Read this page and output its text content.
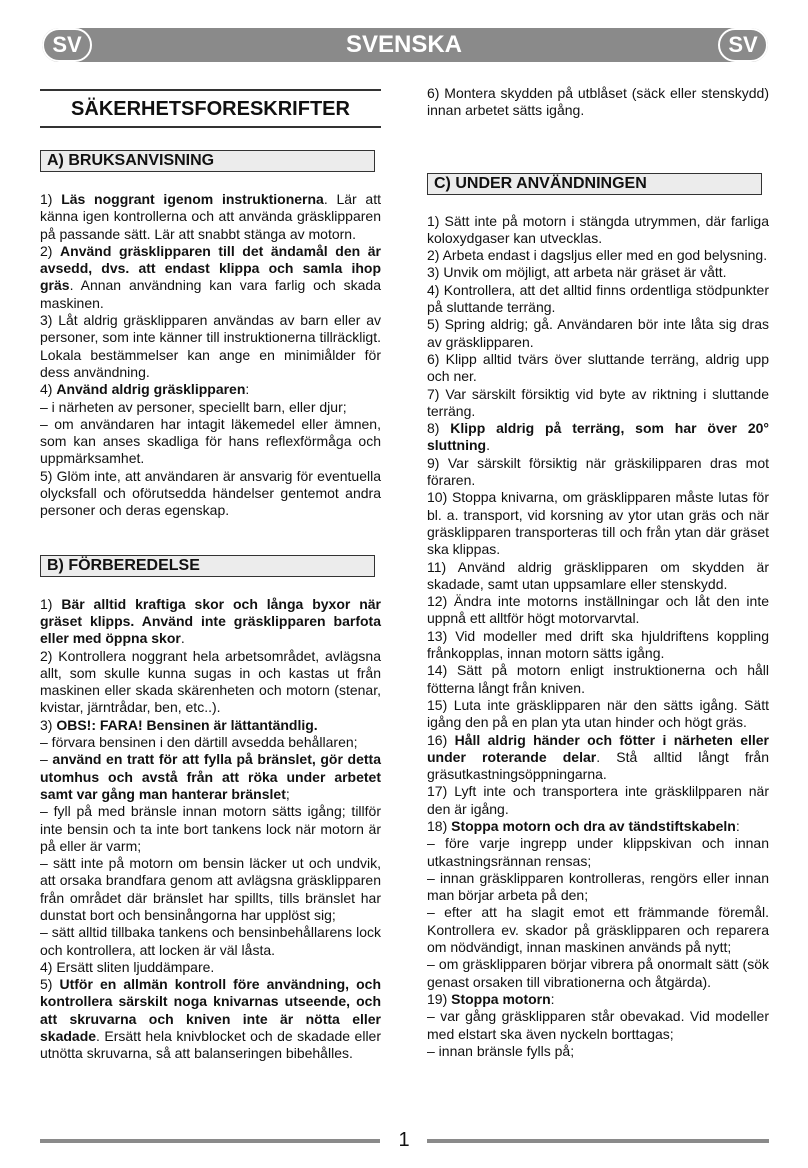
SV	SVENSKA	SV
SÄKERHETSFORESKRIFTER
A) BRUKSANVISNING

1) Läs noggrant igenom instruktionerna. Lär att känna igen kontrollerna och att använda gräsklipparen på passande sätt. Lär att snabbt stänga av motorn.

2) Använd gräsklipparen till det ändamål den är avsedd, dvs. att endast klippa och samla ihop gräs. Annan användning kan vara farlig och skada maskinen.

3) Låt aldrig gräsklipparen användas av barn eller av personer, som inte känner till instruktionerna tillräckligt. Lokala bestämmelser kan ange en minimiålder för dess användning.

4) Använd aldrig gräsklipparen:

– i närheten av personer, speciellt barn, eller djur;

– om användaren har intagit läkemedel eller ämnen, som kan anses skadliga för hans reflexförmåga och uppmärksamhet.

5) Glöm inte, att användaren är ansvarig för eventuella olycksfall och oförutsedda händelser gentemot andra personer och deras egenskap.

B) FÖRBEREDELSE

1) Bär alltid kraftiga skor och långa byxor när gräset klipps. Använd inte gräsklipparen barfota eller med öppna skor.

2) Kontrollera noggrant hela arbetsområdet, avlägsna allt, som skulle kunna sugas in och kastas ut från maskinen eller skada skärenheten och motorn (stenar, kvistar, järntrådar, ben, etc..).

3) OBS!: FARA! Bensinen är lättantändlig.

– förvara bensinen i den därtill avsedda behållaren;

– använd en tratt för att fylla på bränslet, gör detta utomhus och avstå från att röka under arbetet samt var gång man hanterar bränslet;

– fyll på med bränsle innan motorn sätts igång; tillför inte bensin och ta inte bort tankens lock när motorn är på eller är varm;

– sätt inte på motorn om bensin läcker ut och undvik, att orsaka brandfara genom att avlägsna gräsklipparen från området där bränslet har spillts, tills bränslet har dunstat bort och bensinångorna har upplöst sig;

– sätt alltid tillbaka tankens och bensinbehållarens lock och kontrollera, att locken är väl låsta.

4) Ersätt sliten ljuddämpare.

5) Utför en allmän kontroll före användning, och kontrollera särskilt noga knivarnas utseende, och att skruvarna och kniven inte är nötta eller skadade. Ersätt hela knivblocket och de skadade eller utnötta skruvarna, så att balanseringen bibehålles.

6) Montera skydden på utblåset (säck eller stenskydd) innan arbetet sätts igång.

C) UNDER ANVÄNDNINGEN

1) Sätt inte på motorn i stängda utrymmen, där farliga koloxydgaser kan utvecklas.

2) Arbeta endast i dagsljus eller med en god belysning.

3) Unvik om möjligt, att arbeta när gräset är vått.

4) Kontrollera, att det alltid finns ordentliga stödpunkter på sluttande terräng.

5) Spring aldrig; gå. Användaren bör inte låta sig dras av gräsklipparen.

6) Klipp alltid tvärs över sluttande terräng, aldrig upp och ner.

7) Var särskilt försiktig vid byte av riktning i sluttande terräng.

8) Klipp aldrig på terräng, som har över 20° sluttning.

9) Var särskilt försiktig när gräskilipparen dras mot föraren.

10) Stoppa knivarna, om gräsklipparen måste lutas för bl. a. transport, vid korsning av ytor utan gräs och när gräsklipparen transporteras till och från ytan där gräset ska klippas.

11) Använd aldrig gräsklipparen om skydden är skadade, samt utan uppsamlare eller stenskydd.

12) Ändra inte motorns inställningar och låt den inte uppnå ett alltför högt motorvarvtal.

13) Vid modeller med drift ska hjuldriftens koppling frånkopplas, innan motorn sätts igång.

14) Sätt på motorn enligt instruktionerna och håll fötterna långt från kniven.

15) Luta inte gräsklipparen när den sätts igång. Sätt igång den på en plan yta utan hinder och högt gräs.

16) Håll aldrig händer och fötter i närheten eller under roterande delar. Stå alltid långt från gräsutkastningsöppningarna.

17) Lyft inte och transportera inte gräsklilpparen när den är igång.

18) Stoppa motorn och dra av tändstiftskabeln:

– före varje ingrepp under klippskivan och innan utkastningsrännan rensas;

– innan gräsklipparen kontrolleras, rengörs eller innan man börjar arbeta på den;

– efter att ha slagit emot ett främmande föremål. Kontrollera ev. skador på gräsklipparen och reparera om nödvändigt, innan maskinen används på nytt;

– om gräsklipparen börjar vibrera på onormalt sätt (sök genast orsaken till vibrationerna och åtgärda).

19) Stoppa motorn:

– var gång gräsklipparen står obevakad. Vid modeller med elstart ska även nyckeln borttagas;

– innan bränsle fylls på;

1
